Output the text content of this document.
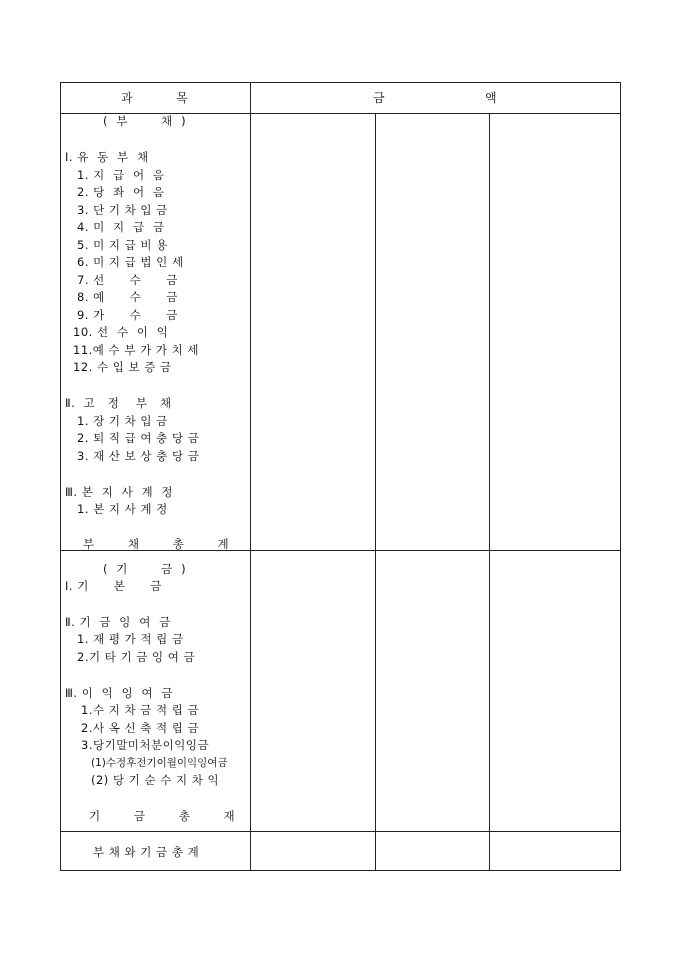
과          목	금	액
(  부        채  )
Ⅰ. 유  동  부  채
1. 지  급  어  음
2. 당  좌  어  음
3. 단 기 차 입 금
4. 미  지  급  금
5. 미 지 급 비 용
6. 미 지 급 법 인 세
7. 선      수      금
8. 예      수      금
9. 가      수      금
10. 선  수  이  익
11.예 수 부 가 가 치 세
12. 수 입 보 증 금
Ⅱ.  고   정    부   채
1. 장 기 차 입 금
2. 퇴 직 급 여 충 당 금
3. 재 산 보 상 충 당 금
Ⅲ. 본  지  사  계  정
1. 본 지 사 계 정
부        채        총        계
(  기        금  )
Ⅰ. 기      본      금
Ⅱ. 기  금  잉  여  금
1. 재 평 가 적 립 금
2.기 타 기 금 잉 여 금
Ⅲ. 이  익  잉  여  금
1.수 지 차 금 적 립 금
2.사 옥 신 축 적 립 금
3.당기말미처분이익잉금
(1)수정후전기이월이익잉여금
(2) 당 기 순 수 지 차 익
기        금        총        재
부 채 와 기 금 총 계
